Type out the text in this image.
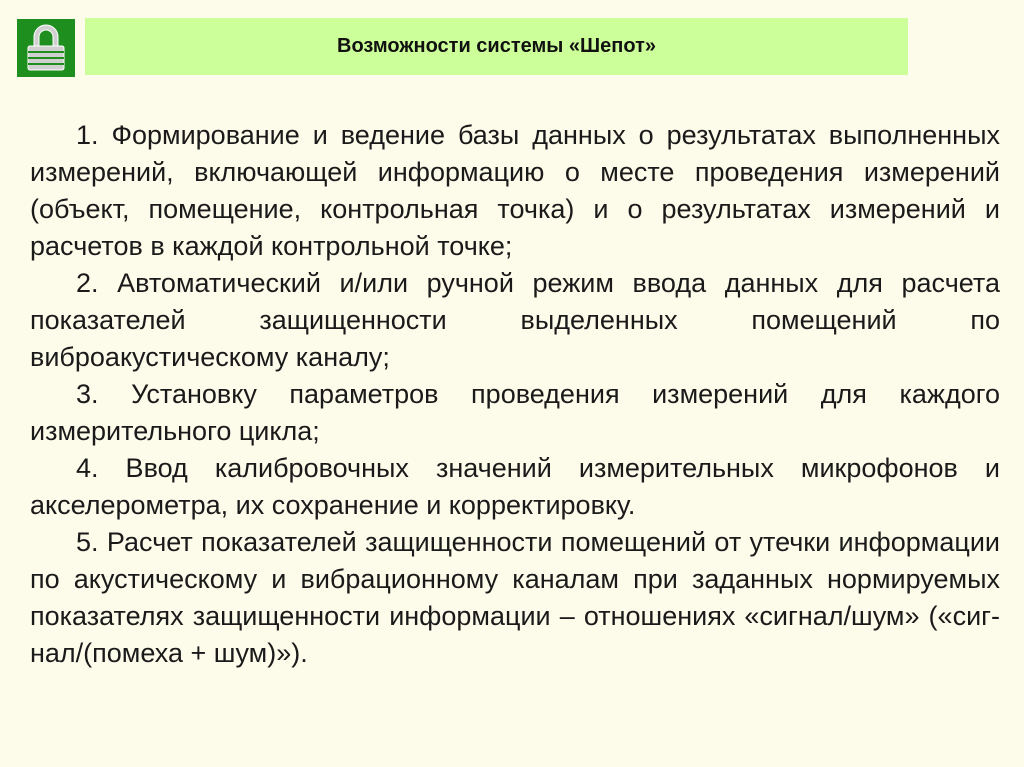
Возможности системы «Шепот»

1. Формирование и ведение базы данных о результатах выполненных измерений, включающей информацию о месте проведения измерений (объект, помещение, контрольная точка) и о результатах измерений и расчетов в каждой контрольной точке;

2. Автоматический и/или ручной режим ввода данных для расчета показателей защищенности выделенных помещений по виброакустическому каналу;

3. Установку параметров проведения измерений для каждого измерительного цикла;

4. Ввод калибровочных значений измерительных микрофонов и акселерометра, их сохранение и корректировку.

5. Расчет показателей защищенности помещений от утечки информации по акустическому и вибрационному каналам при заданных нормируемых показателях защищенности информации – отношениях «сигнал/шум» («сиг-нал/(помеха + шум)»).
